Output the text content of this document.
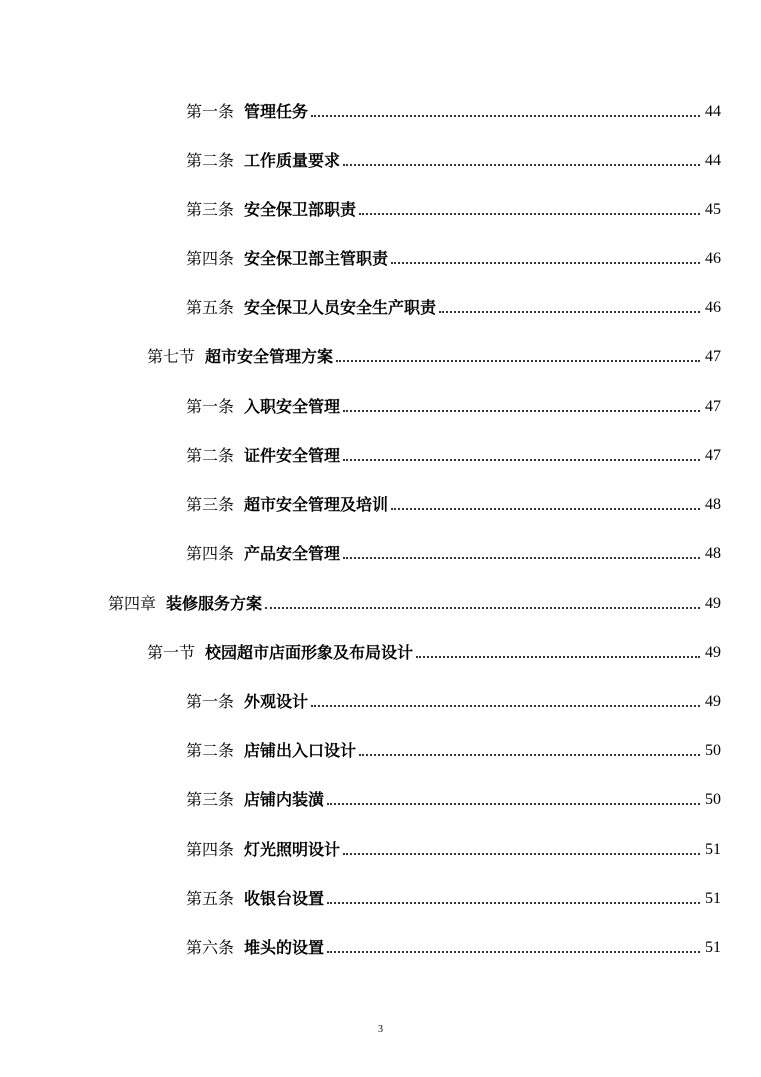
第一条 管理任务	44
第二条 工作质量要求	44
第三条 安全保卫部职责	45
第四条 安全保卫部主管职责	46
第五条 安全保卫人员安全生产职责	46
第七节 超市安全管理方案	47
第一条 入职安全管理	47
第二条 证件安全管理	47
第三条 超市安全管理及培训	48
第四条 产品安全管理	48
第四章 装修服务方案	49
第一节 校园超市店面形象及布局设计	49
第一条 外观设计	49
第二条 店铺出入口设计	50
第三条 店铺内装潢	50
第四条 灯光照明设计	51
第五条 收银台设置	51
第六条 堆头的设置	51
3
